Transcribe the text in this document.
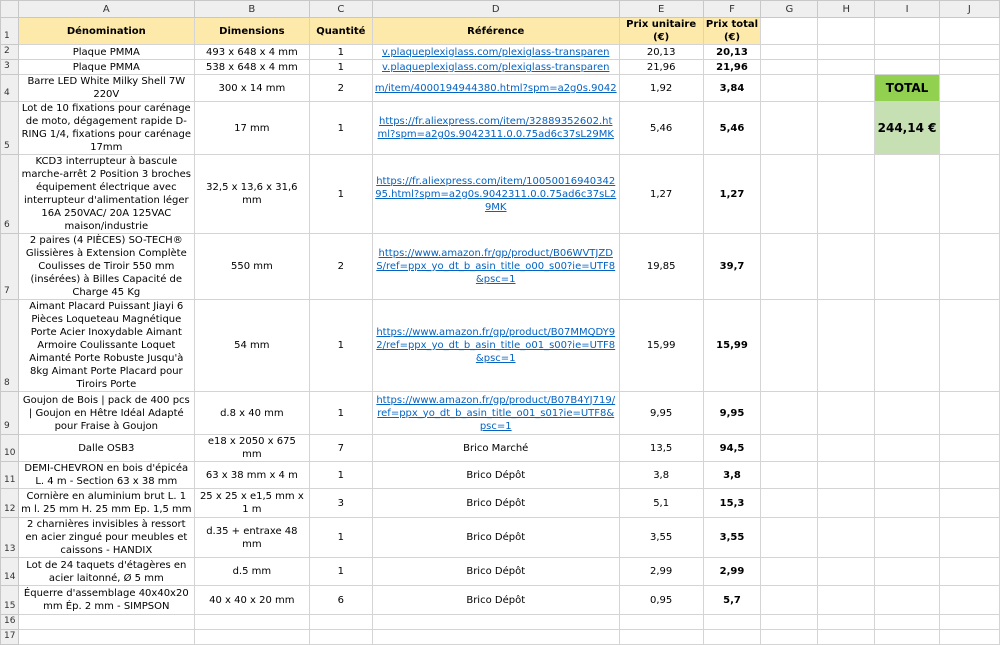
	A	B	C	D	E	F	G	H	I	J
1	Dénomination	Dimensions	Quantité	Référence	Prix unitaire (€)	Prix total (€)				
2	Plaque PMMA	493 x 648 x 4 mm	1	v.plaqueplexiglass.com/plexiglass-transparen	20,13	20,13				
3	Plaque PMMA	538 x 648 x 4 mm	1	v.plaqueplexiglass.com/plexiglass-transparen	21,96	21,96				
4	Barre LED White Milky Shell 7W 220V	300 x 14 mm	2	m/item/4000194944380.html?spm=a2g0s.9042	1,92	3,84			TOTAL	
5	Lot de 10 fixations pour carénage de moto, dégagement rapide D-RING 1/4, fixations pour carénage 17mm	17 mm	1	https://fr.aliexpress.com/item/32889352602.html?spm=a2g0s.9042311.0.0.75ad6c37sL29MK	5,46	5,46			244,14 €	
6	KCD3 interrupteur à bascule marche-arrêt 2 Position 3 broches équipement électrique avec interrupteur d'alimentation léger 16A 250VAC/ 20A 125VAC maison/industrie	32,5 x 13,6 x 31,6 mm	1	https://fr.aliexpress.com/item/1005001694034295.html?spm=a2g0s.9042311.0.0.75ad6c37sL29MK	1,27	1,27				
7	2 paires (4 PIÈCES) SO-TECH® Glissières à Extension Complète Coulisses de Tiroir 550 mm (insérées) à Billes Capacité de Charge 45 Kg	550 mm	2	https://www.amazon.fr/gp/product/B06WVTJZDS/ref=ppx_yo_dt_b_asin_title_o00_s00?ie=UTF8&psc=1	19,85	39,7				
8	Aimant Placard Puissant Jiayi 6 Pièces Loqueteau Magnétique Porte Acier Inoxydable Aimant Armoire Coulissante Loquet Aimanté Porte Robuste Jusqu'à 8kg Aimant Porte Placard pour Tiroirs Porte	54 mm	1	https://www.amazon.fr/gp/product/B07MMQDY92/ref=ppx_yo_dt_b_asin_title_o01_s00?ie=UTF8&psc=1	15,99	15,99				
9	Goujon de Bois | pack de 400 pcs | Goujon en Hêtre Idéal Adapté pour Fraise à Goujon	d.8 x 40 mm	1	https://www.amazon.fr/gp/product/B07B4YJ719/ref=ppx_yo_dt_b_asin_title_o01_s01?ie=UTF8&psc=1	9,95	9,95				
10	Dalle OSB3	e18 x 2050 x 675 mm	7	Brico Marché	13,5	94,5				
11	DEMI-CHEVRON en bois d'épicéa L. 4 m - Section 63 x 38 mm	63 x 38 mm x 4 m	1	Brico Dépôt	3,8	3,8				
12	Cornière en aluminium brut L. 1 m l. 25 mm H. 25 mm Ep. 1,5 mm	25 x 25 x e1,5 mm x 1 m	3	Brico Dépôt	5,1	15,3				
13	2 charnières invisibles à ressort en acier zingué pour meubles et caissons - HANDIX	d.35 + entraxe 48 mm	1	Brico Dépôt	3,55	3,55				
14	Lot de 24 taquets d'étagères en acier laitonné, Ø 5 mm	d.5 mm	1	Brico Dépôt	2,99	2,99				
15	Équerre d'assemblage 40x40x20 mm Ép. 2 mm - SIMPSON	40 x 40 x 20 mm	6	Brico Dépôt	0,95	5,7				
16										
17										
